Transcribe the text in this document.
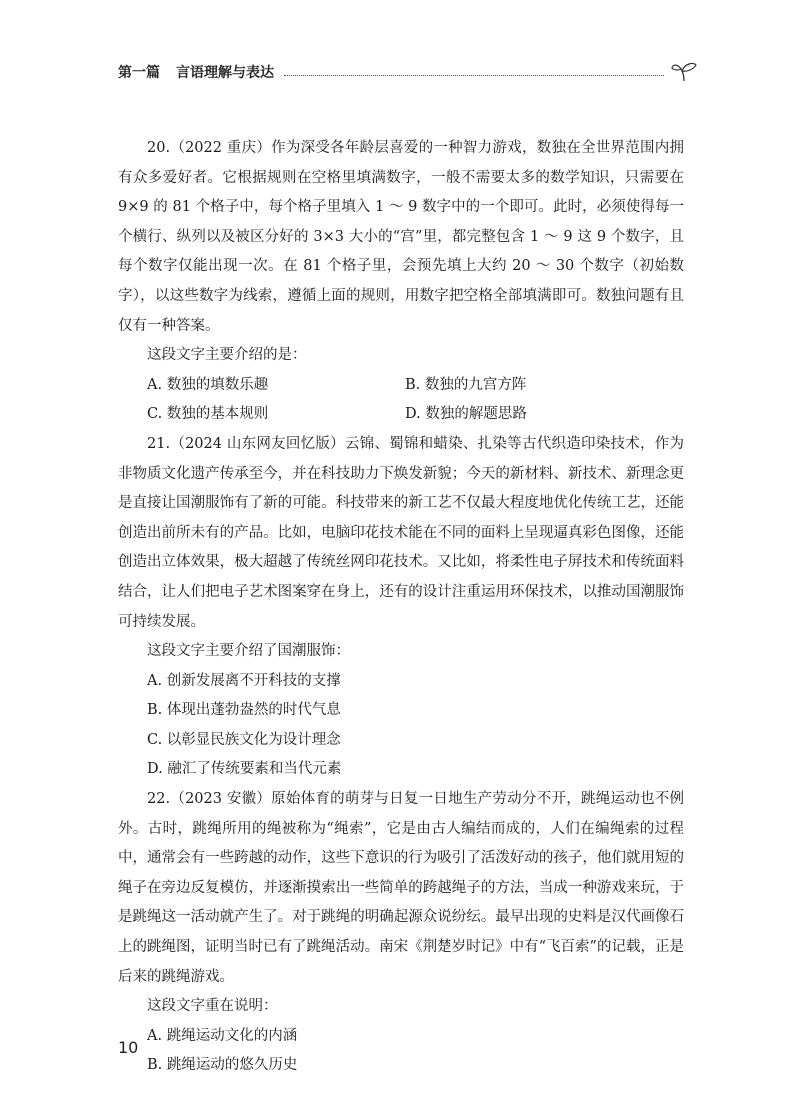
第一篇 言语理解与表达

20.（2022 重庆）作为深受各年龄层喜爱的一种智力游戏，数独在全世界范围内拥有众多爱好者。它根据规则在空格里填满数字，一般不需要太多的数学知识，只需要在 9×9 的 81 个格子中，每个格子里填入 1 ～ 9 数字中的一个即可。此时，必须使得每一个横行、纵列以及被区分好的 3×3 大小的“宫”里，都完整包含 1 ～ 9 这 9 个数字，且每个数字仅能出现一次。在 81 个格子里，会预先填上大约 20 ～ 30 个数字（初始数字），以这些数字为线索，遵循上面的规则，用数字把空格全部填满即可。数独问题有且仅有一种答案。

这段文字主要介绍的是：

A. 数独的填数乐趣	B. 数独的九宫方阵
C. 数独的基本规则	D. 数独的解题思路

21.（2024 山东网友回忆版）云锦、蜀锦和蜡染、扎染等古代织造印染技术，作为非物质文化遗产传承至今，并在科技助力下焕发新貌；今天的新材料、新技术、新理念更是直接让国潮服饰有了新的可能。科技带来的新工艺不仅最大程度地优化传统工艺，还能创造出前所未有的产品。比如，电脑印花技术能在不同的面料上呈现逼真彩色图像，还能创造出立体效果，极大超越了传统丝网印花技术。又比如，将柔性电子屏技术和传统面料结合，让人们把电子艺术图案穿在身上，还有的设计注重运用环保技术，以推动国潮服饰可持续发展。

这段文字主要介绍了国潮服饰：

A. 创新发展离不开科技的支撑

B. 体现出蓬勃盎然的时代气息

C. 以彰显民族文化为设计理念

D. 融汇了传统要素和当代元素

22.（2023 安徽）原始体育的萌芽与日复一日地生产劳动分不开，跳绳运动也不例外。古时，跳绳所用的绳被称为“绳索”，它是由古人编结而成的，人们在编绳索的过程中，通常会有一些跨越的动作，这些下意识的行为吸引了活泼好动的孩子，他们就用短的绳子在旁边反复模仿，并逐渐摸索出一些简单的跨越绳子的方法，当成一种游戏来玩，于是跳绳这一活动就产生了。对于跳绳的明确起源众说纷纭。最早出现的史料是汉代画像石上的跳绳图，证明当时已有了跳绳活动。南宋《荆楚岁时记》中有“飞百索”的记载，正是后来的跳绳游戏。

这段文字重在说明：

A. 跳绳运动文化的内涵

B. 跳绳运动的悠久历史

10
